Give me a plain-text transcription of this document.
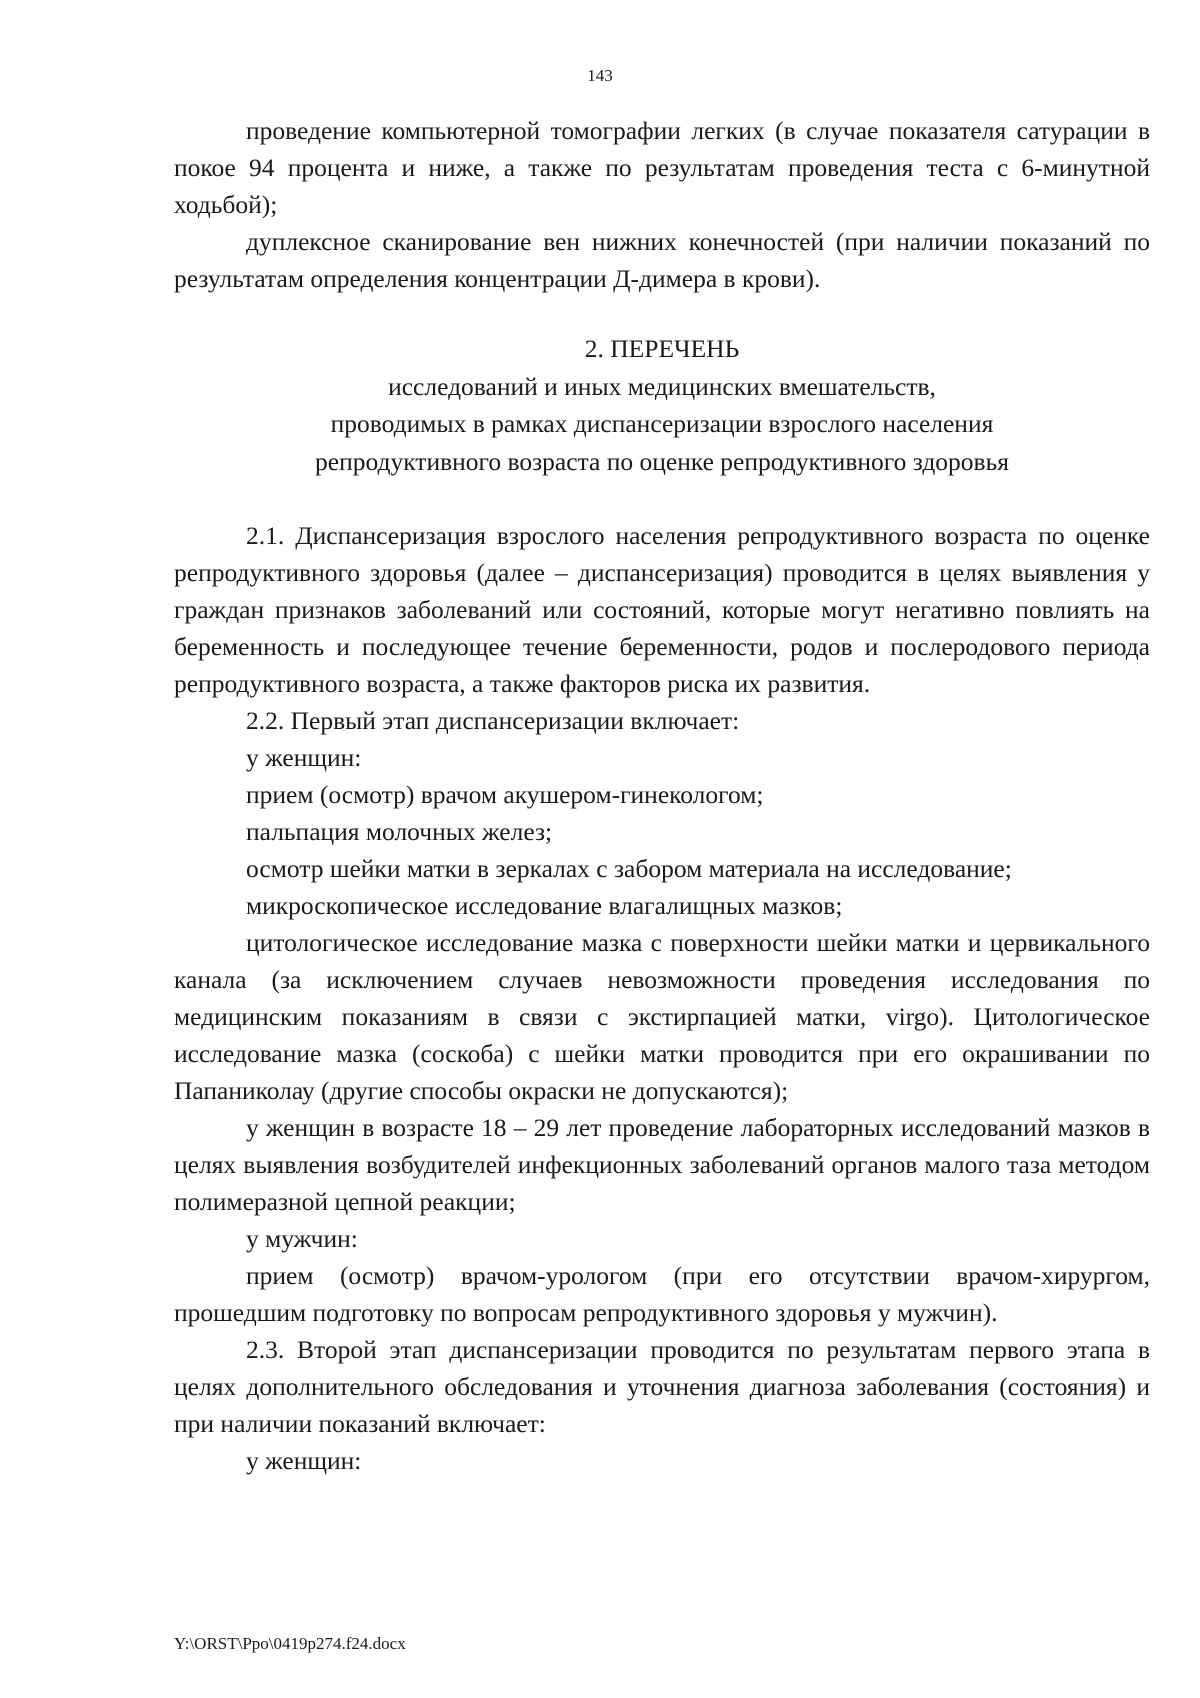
143

проведение компьютерной томографии легких (в случае показателя сатурации в покое 94 процента и ниже, а также по результатам проведения теста с 6-минутной ходьбой);

дуплексное сканирование вен нижних конечностей (при наличии показаний по результатам определения концентрации Д-димера в крови).

2. ПЕРЕЧЕНЬ
исследований и иных медицинских вмешательств,
проводимых в рамках диспансеризации взрослого населения
репродуктивного возраста по оценке репродуктивного здоровья

2.1. Диспансеризация взрослого населения репродуктивного возраста по оценке репродуктивного здоровья (далее – диспансеризация) проводится в целях выявления у граждан признаков заболеваний или состояний, которые могут негативно повлиять на беременность и последующее течение беременности, родов и послеродового периода репродуктивного возраста, а также факторов риска их развития.

2.2. Первый этап диспансеризации включает:

у женщин:

прием (осмотр) врачом акушером-гинекологом;

пальпация молочных желез;

осмотр шейки матки в зеркалах с забором материала на исследование;

микроскопическое исследование влагалищных мазков;

цитологическое исследование мазка с поверхности шейки матки и цервикального канала (за исключением случаев невозможности проведения исследования по медицинским показаниям в связи с экстирпацией матки, virgo). Цитологическое исследование мазка (соскоба) с шейки матки проводится при его окрашивании по Папаниколау (другие способы окраски не допускаются);

у женщин в возрасте 18 – 29 лет проведение лабораторных исследований мазков в целях выявления возбудителей инфекционных заболеваний органов малого таза методом полимеразной цепной реакции;

у мужчин:

прием (осмотр) врачом-урологом (при его отсутствии врачом-хирургом, прошедшим подготовку по вопросам репродуктивного здоровья у мужчин).

2.3. Второй этап диспансеризации проводится по результатам первого этапа в целях дополнительного обследования и уточнения диагноза заболевания (состояния) и при наличии показаний включает:

у женщин:

Y:\ORST\Ppo\0419p274.f24.docx
